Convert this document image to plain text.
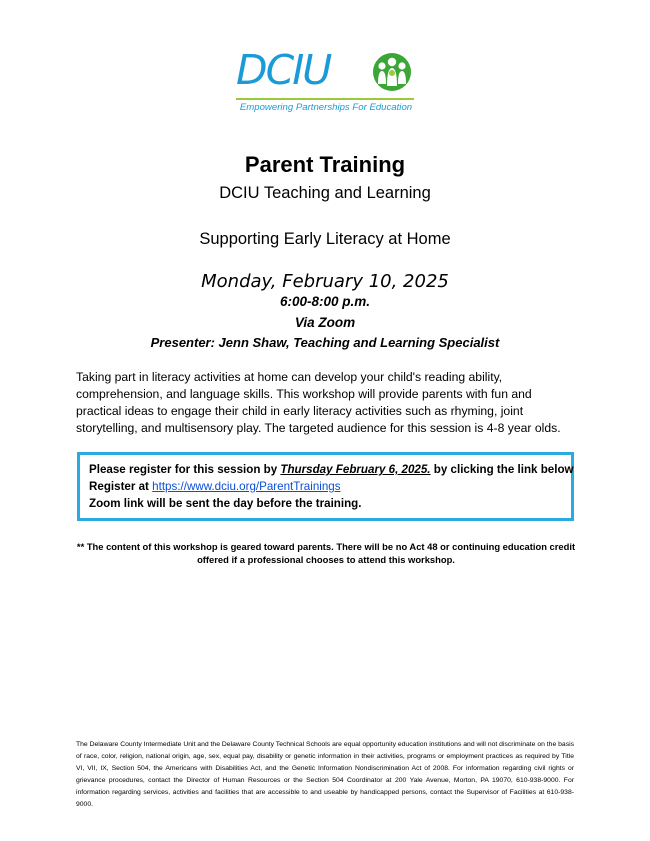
DCIU
Empowering Partnerships For Education
Parent Training
DCIU Teaching and Learning
Supporting Early Literacy at Home
Monday, February 10, 2025
6:00-8:00 p.m.
Via Zoom
Presenter: Jenn Shaw, Teaching and Learning Specialist
Taking part in literacy activities at home can develop your child's reading ability, comprehension, and language skills. This workshop will provide parents with fun and practical ideas to engage their child in early literacy activities such as rhyming, joint storytelling, and multisensory play. The targeted audience for this session is 4-8 year olds.
Please register for this session by Thursday February 6, 2025. by clicking the link below
Register at https://www.dciu.org/ParentTrainings
Zoom link will be sent the day before the training.
** The content of this workshop is geared toward parents. There will be no Act 48 or continuing education credit offered if a professional chooses to attend this workshop.
The Delaware County Intermediate Unit and the Delaware County Technical Schools are equal opportunity education institutions and will not discriminate on the basis of race, color, religion, national origin, age, sex, equal pay, disability or genetic information in their activities, programs or employment practices as required by Title VI, VII, IX, Section 504, the Americans with Disabilities Act, and the Genetic Information Nondiscrimination Act of 2008. For information regarding civil rights or grievance procedures, contact the Director of Human Resources or the Section 504 Coordinator at 200 Yale Avenue, Morton, PA 19070, 610-938-9000. For information regarding services, activities and facilities that are accessible to and useable by handicapped persons, contact the Supervisor of Facilities at 610-938-9000.
